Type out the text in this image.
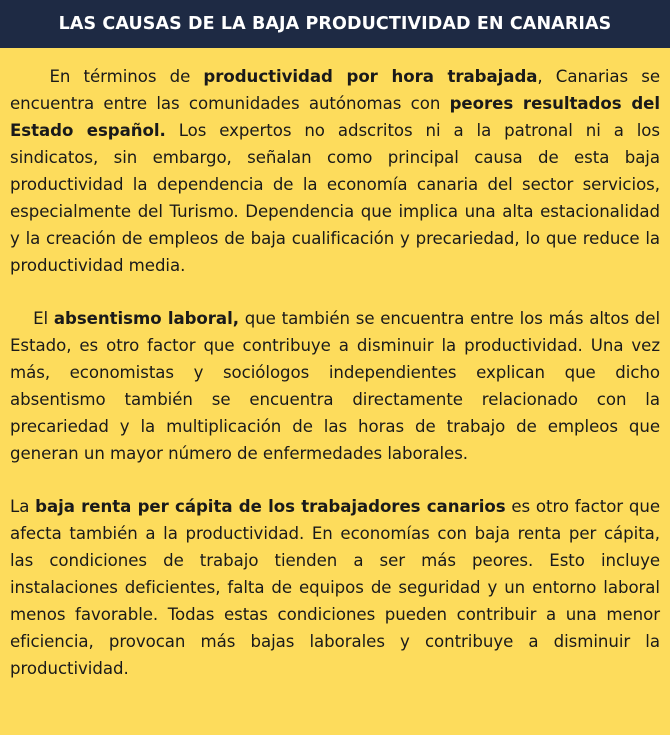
LAS CAUSAS DE LA BAJA PRODUCTIVIDAD EN CANARIAS

En términos de productividad por hora trabajada, Canarias se encuentra entre las comunidades autónomas con peores resultados del Estado español. Los expertos no adscritos ni a la patronal ni a los sindicatos, sin embargo, señalan como principal causa de esta baja productividad la dependencia de la economía canaria del sector servicios, especialmente del Turismo. Dependencia que implica una alta estacionalidad y la creación de empleos de baja cualificación y precariedad, lo que reduce la productividad media.

El absentismo laboral, que también se encuentra entre los más altos del Estado, es otro factor que contribuye a disminuir la productividad. Una vez más, economistas y sociólogos independientes explican que dicho absentismo también se encuentra directamente relacionado con la precariedad y la multiplicación de las horas de trabajo de empleos que generan un mayor número de enfermedades laborales.

La baja renta per cápita de los trabajadores canarios es otro factor que afecta también a la productividad. En economías con baja renta per cápita, las condiciones de trabajo tienden a ser más peores. Esto incluye instalaciones deficientes, falta de equipos de seguridad y un entorno laboral menos favorable. Todas estas condiciones pueden contribuir a una menor eficiencia, provocan más bajas laborales y contribuye a disminuir la productividad.
